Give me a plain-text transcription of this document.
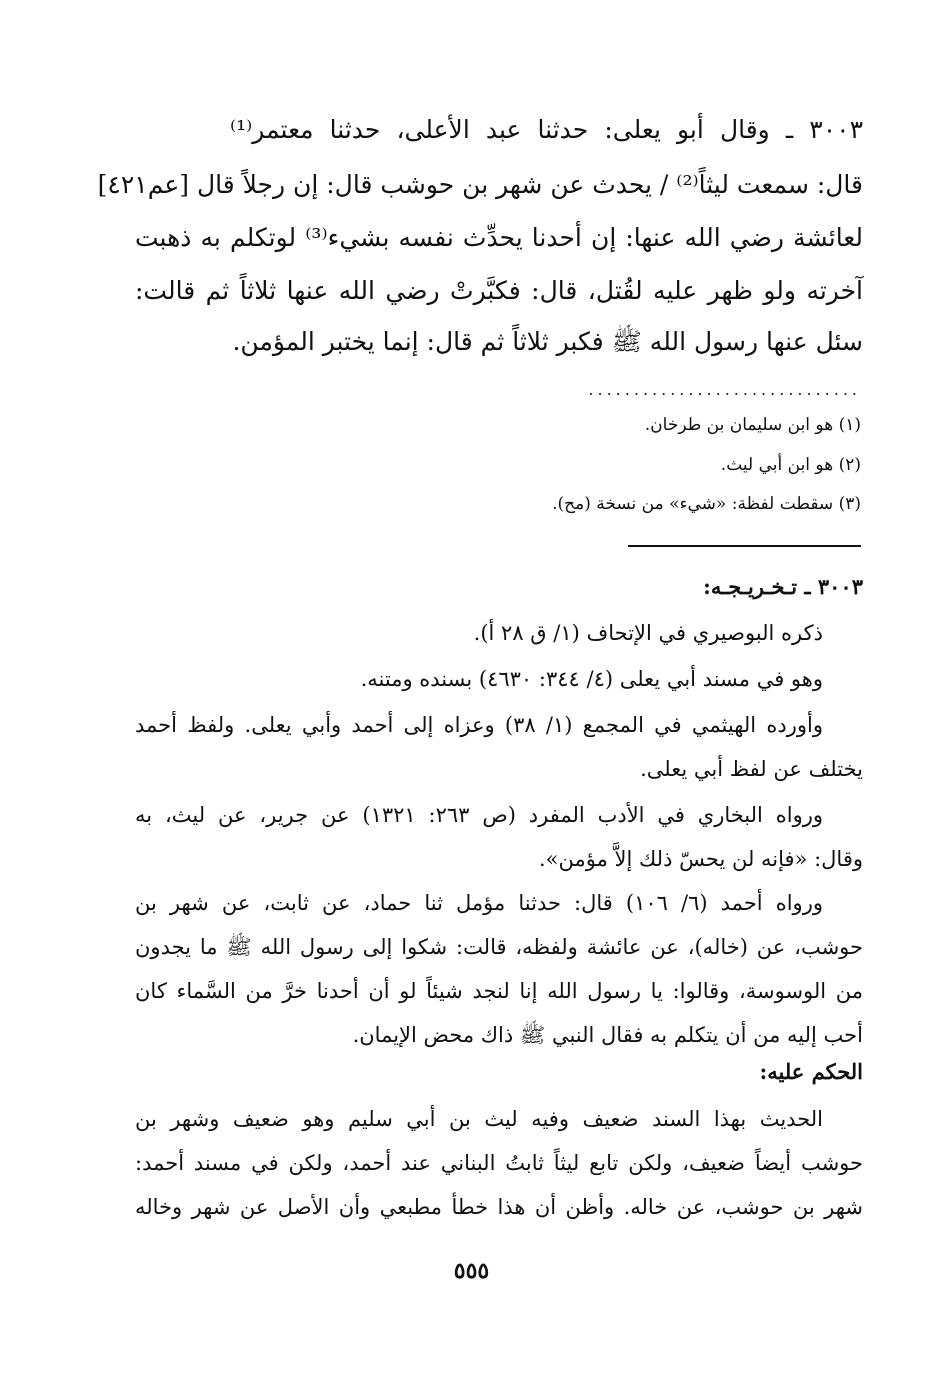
٣٠٠٣ ـ وقال أبو يعلى: حدثنا عبد الأعلى، حدثنا معتمر⁽¹⁾
قال: سمعت ليثاً⁽²⁾ / يحدث عن شهر بن حوشب قال: إن رجلاً قال [عم٤٢١]
لعائشة رضي الله عنها: إن أحدنا يحدِّث نفسه بشيء⁽³⁾ لوتكلم به ذهبت
آخرته ولو ظهر عليه لقُتل، قال: فكبَّرتْ رضي الله عنها ثلاثاً ثم قالت:
سئل عنها رسول الله ﷺ فكبر ثلاثاً ثم قال: إنما يختبر المؤمن.
..............................
(١) هو ابن سليمان بن طرخان.
(٢) هو ابن أبي ليث.
(٣) سقطت لفظة: «شيء» من نسخة (مح).
٣٠٠٣ ـ تـخـريـجـه:
ذكره البوصيري في الإتحاف (١/ ق ٢٨ أ).
وهو في مسند أبي يعلى (٤/ ٣٤٤: ٤٦٣٠) بسنده ومتنه.
وأورده الهيثمي في المجمع (١/ ٣٨) وعزاه إلى أحمد وأبي يعلى. ولفظ أحمد
يختلف عن لفظ أبي يعلى.
ورواه البخاري في الأدب المفرد (ص ٢٦٣: ١٣٢١) عن جرير، عن ليث، به
وقال: «فإنه لن يحسّ ذلك إلاَّ مؤمن».
ورواه أحمد (٦/ ١٠٦) قال: حدثنا مؤمل ثنا حماد، عن ثابت، عن شهر بن
حوشب، عن (خاله)، عن عائشة ولفظه، قالت: شكوا إلى رسول الله ﷺ ما يجدون
من الوسوسة، وقالوا: يا رسول الله إنا لنجد شيئاً لو أن أحدنا خرَّ من السَّماء كان
أحب إليه من أن يتكلم به فقال النبي ﷺ ذاك محض الإيمان.
الحكم عليه:
الحديث بهذا السند ضعيف وفيه ليث بن أبي سليم وهو ضعيف وشهر بن
حوشب أيضاً ضعيف، ولكن تابع ليثاً ثابتُ البناني عند أحمد، ولكن في مسند أحمد:
شهر بن حوشب، عن خاله. وأظن أن هذا خطأ مطبعي وأن الأصل عن شهر وخاله
٥٥٥
